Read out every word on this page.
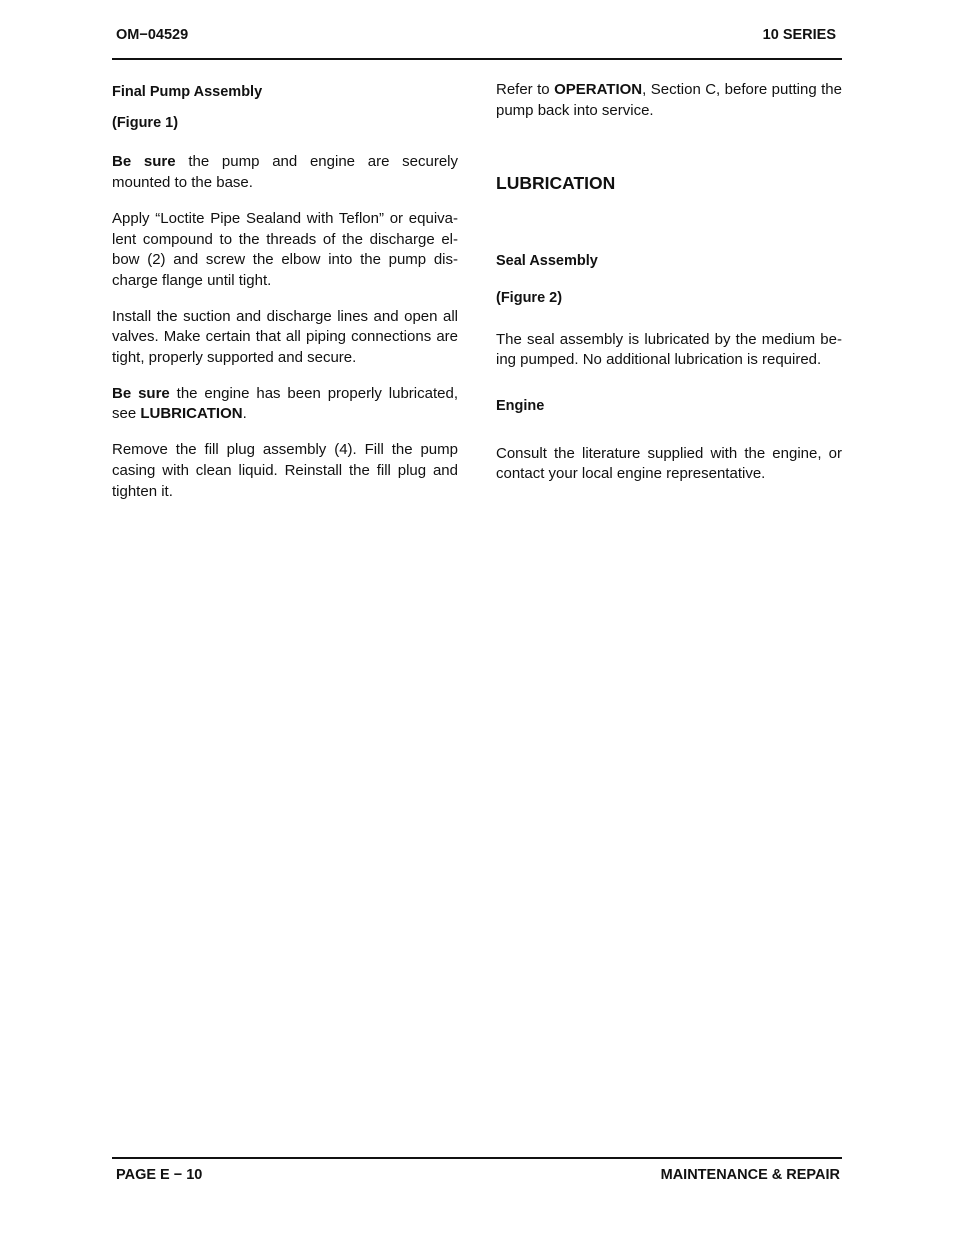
OM−04529	10 SERIES
Final Pump Assembly
(Figure 1)

Be sure the pump and engine are securely mounted to the base.

Apply “Loctite Pipe Sealand with Teflon” or equivalent compound to the threads of the discharge elbow (2) and screw the elbow into the pump discharge flange until tight.

Install the suction and discharge lines and open all valves. Make certain that all piping connections are tight, properly supported and secure.

Be sure the engine has been properly lubricated, see LUBRICATION.

Remove the fill plug assembly (4). Fill the pump casing with clean liquid. Reinstall the fill plug and tighten it.

Refer to OPERATION, Section C, before putting the pump back into service.

LUBRICATION
Seal Assembly
(Figure 2)

The seal assembly is lubricated by the medium being pumped. No additional lubrication is required.

Engine

Consult the literature supplied with the engine, or contact your local engine representative.

PAGE E − 10	MAINTENANCE & REPAIR
